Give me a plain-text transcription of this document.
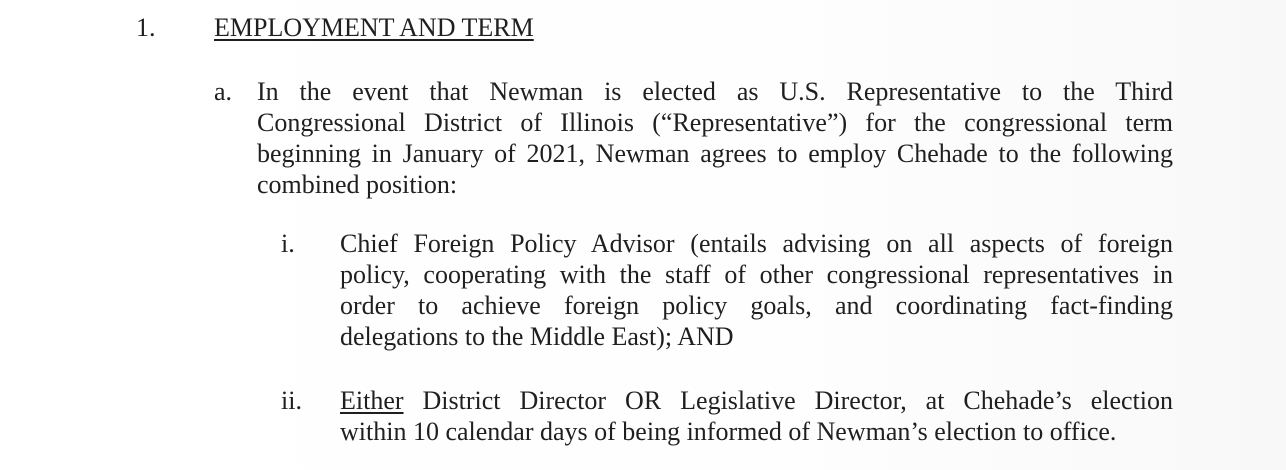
1. EMPLOYMENT AND TERM
a. In the event that Newman is elected as U.S. Representative to the Third
Congressional District of Illinois (“Representative”) for the congressional term
beginning in January of 2021, Newman agrees to employ Chehade to the following
combined position:
i. Chief Foreign Policy Advisor (entails advising on all aspects of foreign
policy, cooperating with the staff of other congressional representatives in
order to achieve foreign policy goals, and coordinating fact-finding
delegations to the Middle East); AND
ii. Either District Director OR Legislative Director, at Chehade’s election
within 10 calendar days of being informed of Newman’s election to office.
